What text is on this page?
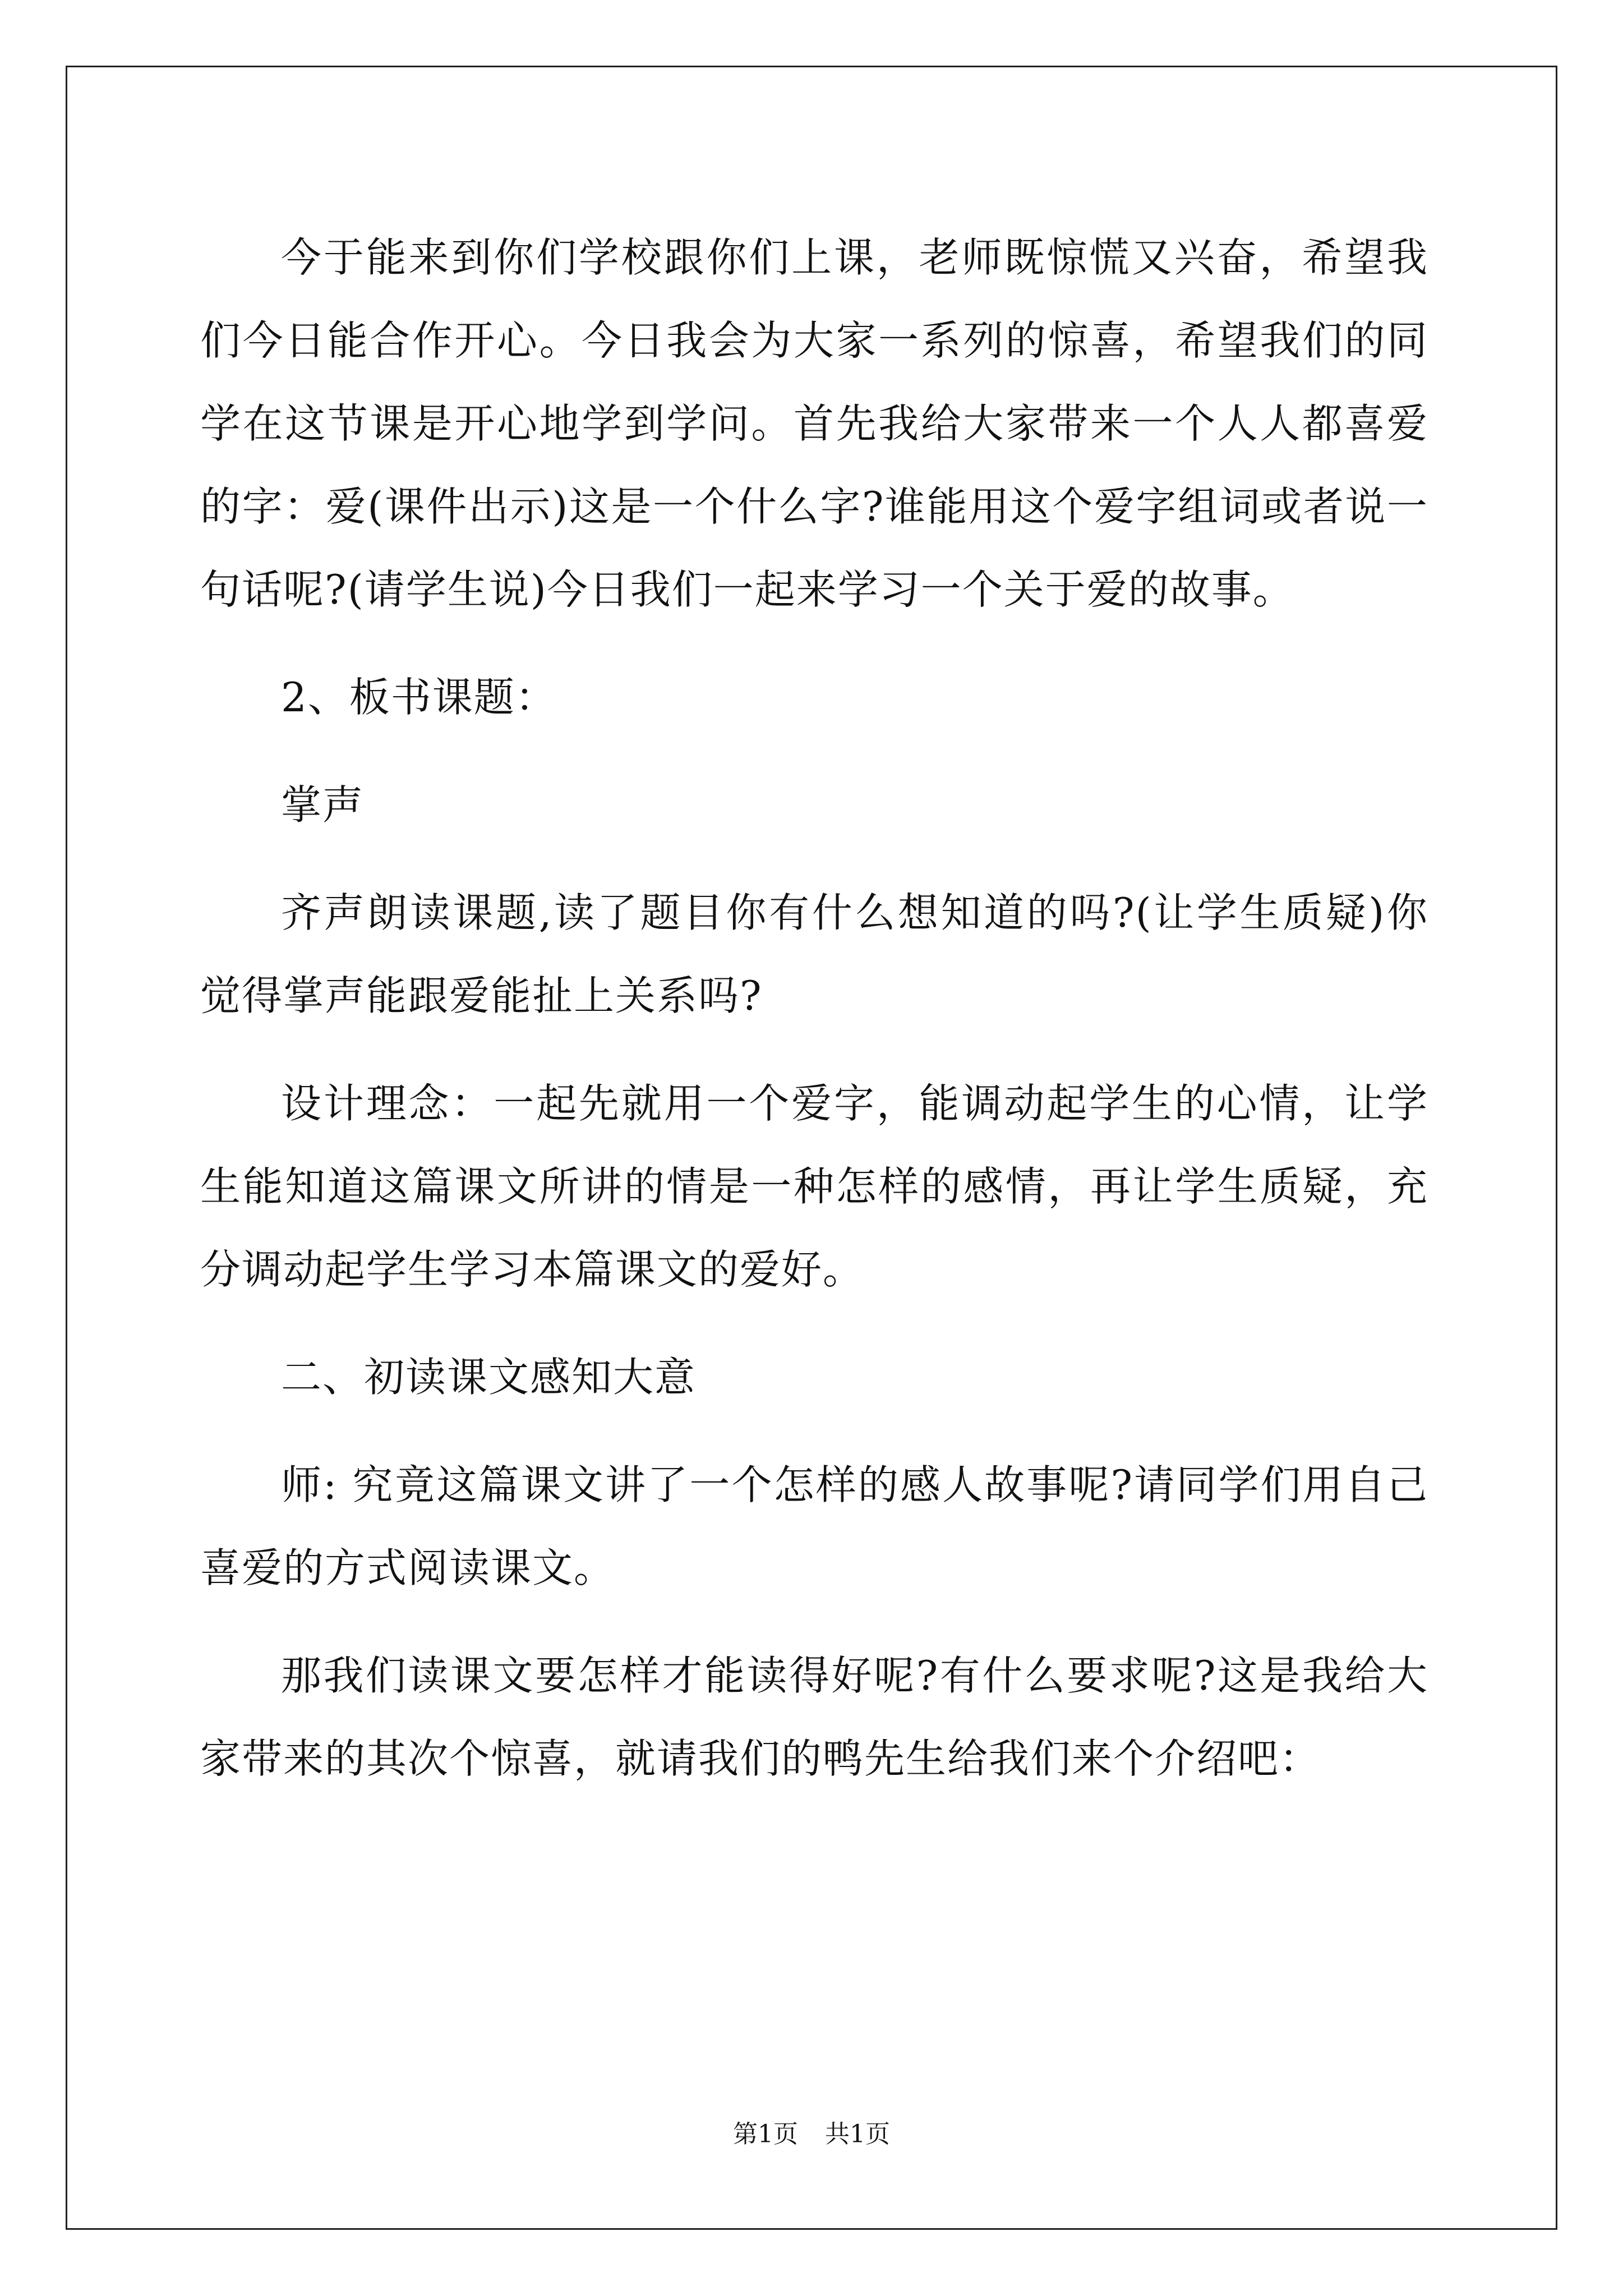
今于能来到你们学校跟你们上课，老师既惊慌又兴奋，希望我们今日能合作开心。今日我会为大家一系列的惊喜，希望我们的同学在这节课是开心地学到学问。首先我给大家带来一个人人都喜爱的字：爱(课件出示)这是一个什么字?谁能用这个爱字组词或者说一句话呢?(请学生说)今日我们一起来学习一个关于爱的故事。

2、板书课题：

掌声

齐声朗读课题,读了题目你有什么想知道的吗?(让学生质疑)你觉得掌声能跟爱能扯上关系吗?

设计理念：一起先就用一个爱字，能调动起学生的心情，让学生能知道这篇课文所讲的情是一种怎样的感情，再让学生质疑，充分调动起学生学习本篇课文的爱好。

二、初读课文感知大意

师: 究竟这篇课文讲了一个怎样的感人故事呢?请同学们用自己喜爱的方式阅读课文。

那我们读课文要怎样才能读得好呢?有什么要求呢?这是我给大家带来的其次个惊喜，就请我们的鸭先生给我们来个介绍吧：

第1页 共1页
